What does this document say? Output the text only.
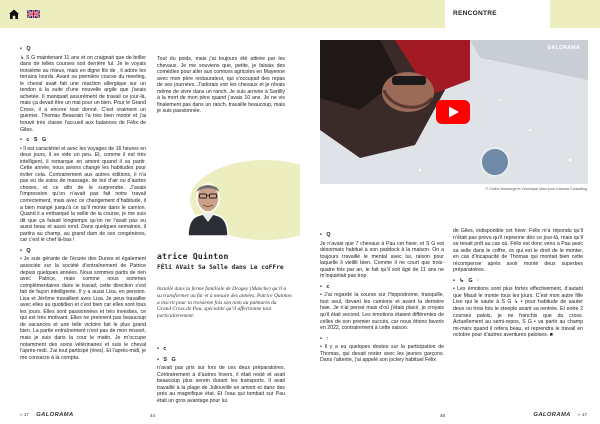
• Q

↳ S G maintenant 11 ans et on craignait que de briller dans de telles courses soit derrière lui. Je le voyais troisième au mieux, mais en digne fils de , il adore les terrains lourds. Avant sa première course du meeting, le cheval avait fait une réaction allergique sur un tendon à la suite d’une nouvelle argile que j’avais achetée. Il manquait assurément de travail ce jour-là, mais ça devait être un mal pour un bien. Pour le Grand Cross, il a encore tout donné. C’est vraiment un guerrier. Thomas Beaurain l’a très bien monté et j’ai trouvé très classe l’accueil aux balances de Félix de Giles.

• c S G

• Il est caractériel et avec les voyages de 16 heures en deux jours, il se vide un peu. Et, comme il est très intelligent, il remarque en amont quand il va partir. Cette année, nous avions changé les habitudes pour éviter cela. Contrairement aux autres éditions, il n’a pas eu de soins de massage, de bol d’air ou d’autres choses, et ce afin de le surprendre. J’avais l’impression qu’on n’avait pas fait notre travail correctement, mais avec ce changement d’habitude, il a bien mangé jusqu’à ce qu’il monte dans le camion. Quand il a embarqué la veille de la course, je me suis dit que ça faisait longtemps qu’on ne l’avait pas eu aussi beau et aussi rond. Dans quelques semaines, il partira au champ, au grand dam de ses congénères, car c’est le chef là-bas !

• Q

• Je suis gérante de l’écurie des Dunes et également associée sur la société d’entraînement de Patrice depuis quelques années. Nous sommes partis de rien avec Patrice, mais comme nous sommes complémentaires dans le travail, cette direction s’est fait de façon intelligente. Il y a aussi Lisa, en pension. Lisa et Jérôme travaillent avec Lisa. Je peux travailler avec elles au quotidien et c’est bien car elles sont tous les jours. Elles sont passionnées et très investies, ce qui est très motivant. Elles ne prennent pas beaucoup de vacances et une telle victoire fait le plus grand bien. La partie entraînement n’est pas de mon ressort, mais je suis dans la cour le matin. Je m’occupe notamment des soins vétérinaires et suis le cheval l’après-midi. J’ai tout participé (rires). Et l’après-midi, je me consacre à la compta.

Tout du poids, mais j’ai toujours été attirée par les chevaux. Je me souviens que, petite, je faisais des comédies pour aller aux comices agricoles en Mayenne avec mon père restaurateur, qui s’occupait des repas de ses journées. J’adorais voir les chevaux et je rêvais même de vivre dans un ranch. Je suis arrivée à Sartilly à la mort de mon père quand j’avais 10 ans. Je ne vis finalement pas dans un ranch, travaille beaucoup, mais je suis passionnée.

atrice Quinton
FÉlí AVait Sa Selle dans Le coFFre
Installé dans la ferme familiale de Dragey (Manche) qu’il a su transformer au fur et à mesure des années, Patrice Quinton a inscrit pour la troisième fois son nom au palmarès du Grand Cross de Pau, spécialité qu’il affectionne tout particulièrement.
• c
• S G

n’avait pas pris sur lors de ces deux préparatoires. Contrairement à d’autres hivers, il était resté et avait beaucoup plus serein durant les transports. Il avait travaillé à la plage de Juliouville en amont et dans des prés au magnifique état. Et l’eau qui tombait sur Pau était un gros avantage pour lui.

» 17 GALORAMA	44
RENCONTRE
GALORAMA
© Céline Moncorgé et Véronique Ulmo pour Karuma Consulting
• Q

Je n’avais que 7 chevaux à Pau cet hiver, et S G est désormais habitué à son paddock à la maison. On a toujours travaillé le mental avec lui, raison pour laquelle il vieillit bien. Comme il ne court que trois-quatre fois par an, le fait qu’il soit âgé de 11 ans ne m’inquiétait pas trop.

• c

• J’ai regardé la course sur l’hippodrome, tranquille, tout seul, devant les camions et avant la dernière haie. Je n’ai pensé mais d’où j’étais placé, je croyais qu’il était second. Les émotions étaient différentes de celles de son premier succès, car nous étions favoris en 2022, contrairement à cette saison.

• ↑

• Il y a eu quelques doutes sur la participation de Thomas, qui devait rester avec les jeunes garçons. Dans l’attente, j’ai appelé son jockey habituel Félix

de Giles, indisponible cet hiver. Félix m’a répondu qu’il n’était pas prévu qu’il reprenne dès ce jour-là, mais qu’il se tenait prêt au cas où. Félix est donc venu à Pau avec sa selle dans le coffre, ce qui est le droit de le monter, en cas d’incapacité de Thomas qui montait bien cette récompense après avoir monté deux superbes préparatoires.

• ↳ G ·

• Les émotions sont plus fortes effectivement, d’autant que Maud le monte tous les jours. C’est mon autre fille Lise qui le saute à S G ↳ • pour habitude de sauter deux ou trois fois le steeple avant sa rentrée. Et entre 2 courses palois, je ne franchis que du cross. Actuellement au semi-repos, S G • va partir au champ mi-mars quand il refera beau, et reprendra le travail en octobre pour d’autres aventures paloises. ■

45	GALORAMA » 17
